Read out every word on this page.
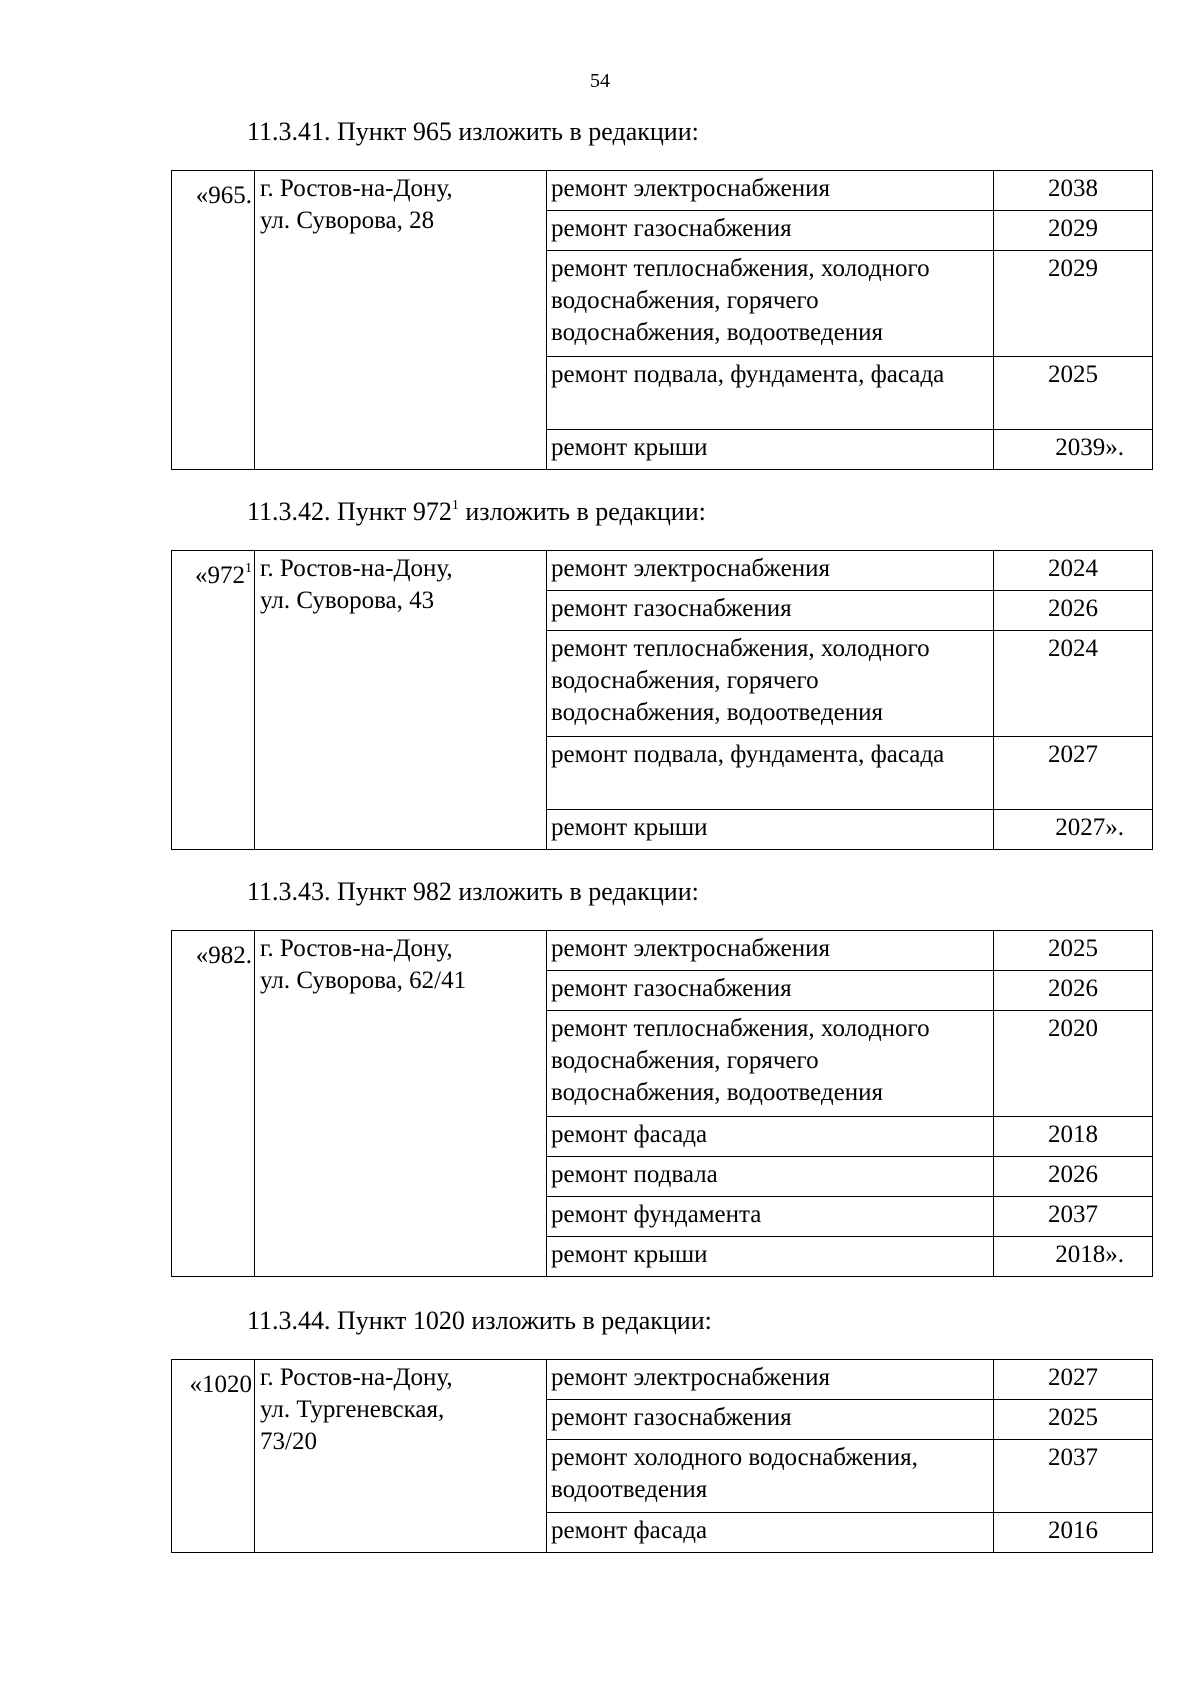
54
11.3.41. Пункт 965 изложить в редакции:
«965.	г. Ростов-на-Дону,
ул. Суворова, 28	ремонт электроснабжения	2038
		ремонт газоснабжения	2029
		ремонт теплоснабжения, холодного водоснабжения, горячего водоснабжения, водоотведения	2029
		ремонт подвала, фундамента, фасада	2025
		ремонт крыши	2039».
11.3.42. Пункт $972^1$ изложить в редакции:
«$972^1$	г. Ростов-на-Дону,
ул. Суворова, 43	ремонт электроснабжения	2024
		ремонт газоснабжения	2026
		ремонт теплоснабжения, холодного водоснабжения, горячего водоснабжения, водоотведения	2024
		ремонт подвала, фундамента, фасада	2027
		ремонт крыши	2027».
11.3.43. Пункт 982 изложить в редакции:
«982.	г. Ростов-на-Дону,
ул. Суворова, 62/41	ремонт электроснабжения	2025
		ремонт газоснабжения	2026
		ремонт теплоснабжения, холодного водоснабжения, горячего водоснабжения, водоотведения	2020
		ремонт фасада	2018
		ремонт подвала	2026
		ремонт фундамента	2037
		ремонт крыши	2018».
11.3.44. Пункт 1020 изложить в редакции:
«1020	г. Ростов-на-Дону,
ул. Тургеневская,
73/20	ремонт электроснабжения	2027
		ремонт газоснабжения	2025
		ремонт холодного водоснабжения, водоотведения	2037
		ремонт фасада	2016
